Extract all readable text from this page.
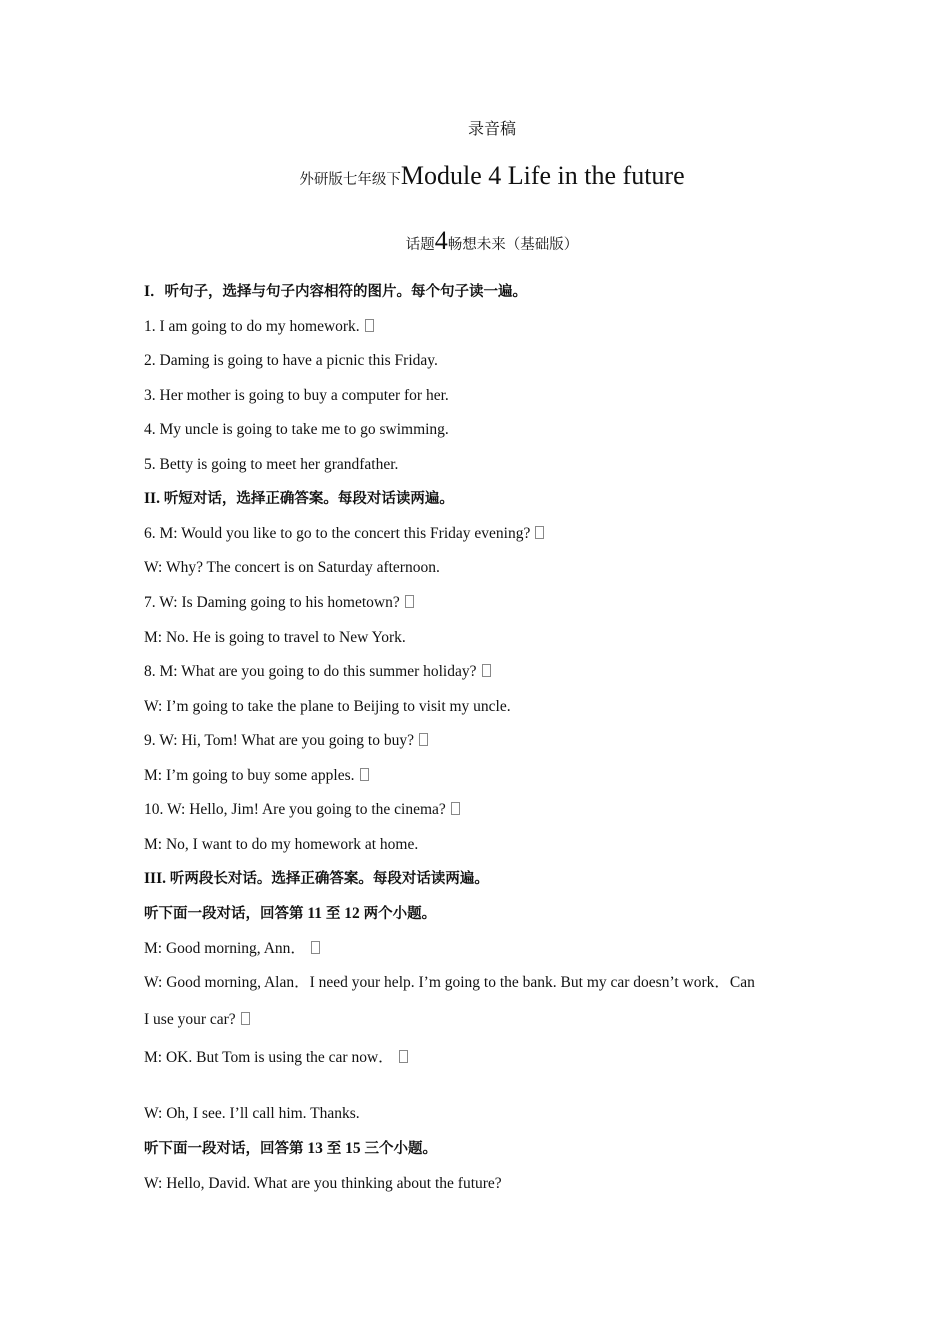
录音稿
外研版七年级下Module 4 Life in the future
话题4畅想未来（基础版）
I．听句子，选择与句子内容相符的图片。每个句子读一遍。
1. I am going to do my homework.
2. Daming is going to have a picnic this Friday.
3. Her mother is going to buy a computer for her.
4. My uncle is going to take me to go swimming.
5. Betty is going to meet her grandfather.
II. 听短对话，选择正确答案。每段对话读两遍。
6. M: Would you like to go to the concert this Friday evening?
W: Why? The concert is on Saturday afternoon.
7. W: Is Daming going to his hometown?
M: No. He is going to travel to New York.
8. M: What are you going to do this summer holiday?
W: I’m going to take the plane to Beijing to visit my uncle.
9. W: Hi, Tom! What are you going to buy?
M: I’m going to buy some apples.
10. W: Hello, Jim! Are you going to the cinema?
M: No, I want to do my homework at home.
III. 听两段长对话。选择正确答案。每段对话读两遍。
听下面一段对话，回答第 11 至 12 两个小题。
M: Good morning, Ann．
W: Good morning, Alan．I need your help. I’m going to the bank. But my car doesn’t work．Can
I use your car?
M: OK. But Tom is using the car now．
W: Oh, I see. I’ll call him. Thanks.
听下面一段对话，回答第 13 至 15 三个小题。
W: Hello, David. What are you thinking about the future?
